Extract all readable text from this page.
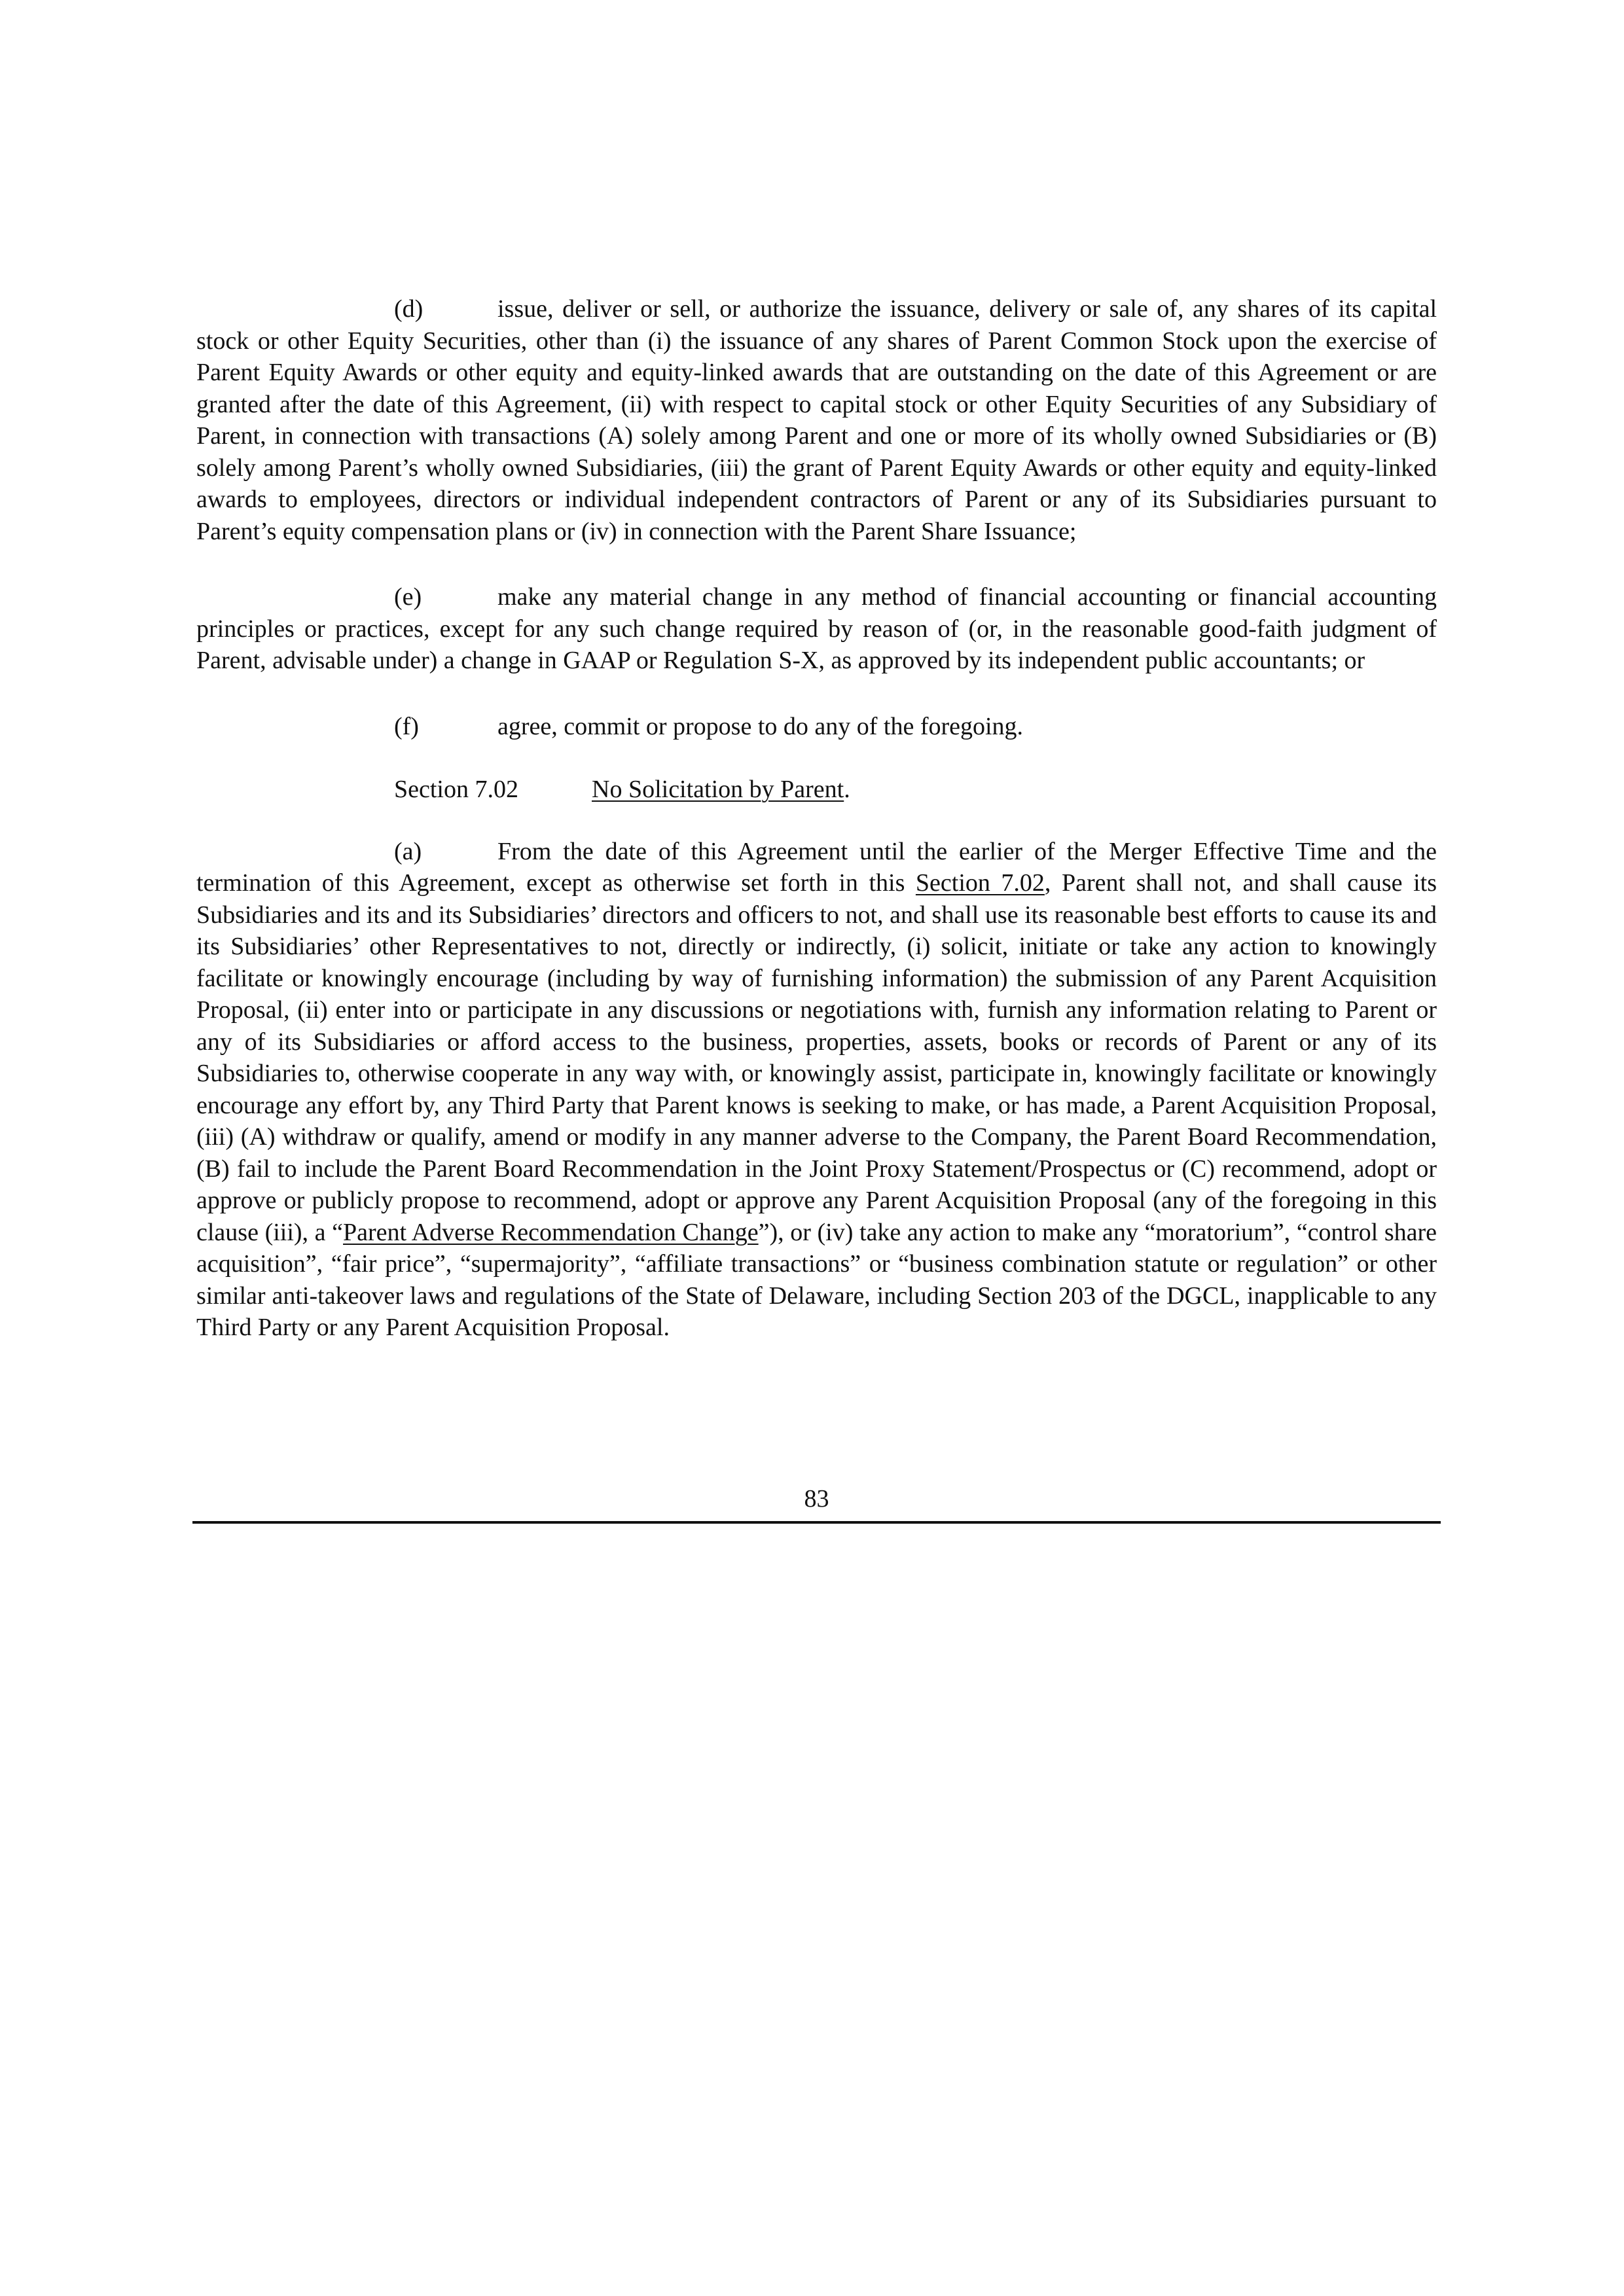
(d)	issue, deliver or sell, or authorize the issuance, delivery or sale of, any shares of its capital stock or other Equity Securities, other than (i) the issuance of any shares of Parent Common Stock upon the exercise of Parent Equity Awards or other equity and equity-linked awards that are outstanding on the date of this Agreement or are granted after the date of this Agreement, (ii) with respect to capital stock or other Equity Securities of any Subsidiary of Parent, in connection with transactions (A) solely among Parent and one or more of its wholly owned Subsidiaries or (B) solely among Parent’s wholly owned Subsidiaries, (iii) the grant of Parent Equity Awards or other equity and equity-linked awards to employees, directors or individual independent contractors of Parent or any of its Subsidiaries pursuant to Parent’s equity compensation plans or (iv) in connection with the Parent Share Issuance;

(e)	make any material change in any method of financial accounting or financial accounting principles or practices, except for any such change required by reason of (or, in the reasonable good-faith judgment of Parent, advisable under) a change in GAAP or Regulation S-X, as approved by its independent public accountants; or

(f)	agree, commit or propose to do any of the foregoing.

Section 7.02	No Solicitation by Parent.

(a)	From the date of this Agreement until the earlier of the Merger Effective Time and the termination of this Agreement, except as otherwise set forth in this Section 7.02, Parent shall not, and shall cause its Subsidiaries and its and its Subsidiaries’ directors and officers to not, and shall use its reasonable best efforts to cause its and its Subsidiaries’ other Representatives to not, directly or indirectly, (i) solicit, initiate or take any action to knowingly facilitate or knowingly encourage (including by way of furnishing information) the submission of any Parent Acquisition Proposal, (ii) enter into or participate in any discussions or negotiations with, furnish any information relating to Parent or any of its Subsidiaries or afford access to the business, properties, assets, books or records of Parent or any of its Subsidiaries to, otherwise cooperate in any way with, or knowingly assist, participate in, knowingly facilitate or knowingly encourage any effort by, any Third Party that Parent knows is seeking to make, or has made, a Parent Acquisition Proposal, (iii) (A) withdraw or qualify, amend or modify in any manner adverse to the Company, the Parent Board Recommendation, (B) fail to include the Parent Board Recommendation in the Joint Proxy Statement/Prospectus or (C) recommend, adopt or approve or publicly propose to recommend, adopt or approve any Parent Acquisition Proposal (any of the foregoing in this clause (iii), a “Parent Adverse Recommendation Change”), or (iv) take any action to make any “moratorium”, “control share acquisition”, “fair price”, “supermajority”, “affiliate transactions” or “business combination statute or regulation” or other similar anti-takeover laws and regulations of the State of Delaware, including Section 203 of the DGCL, inapplicable to any Third Party or any Parent Acquisition Proposal.

83
